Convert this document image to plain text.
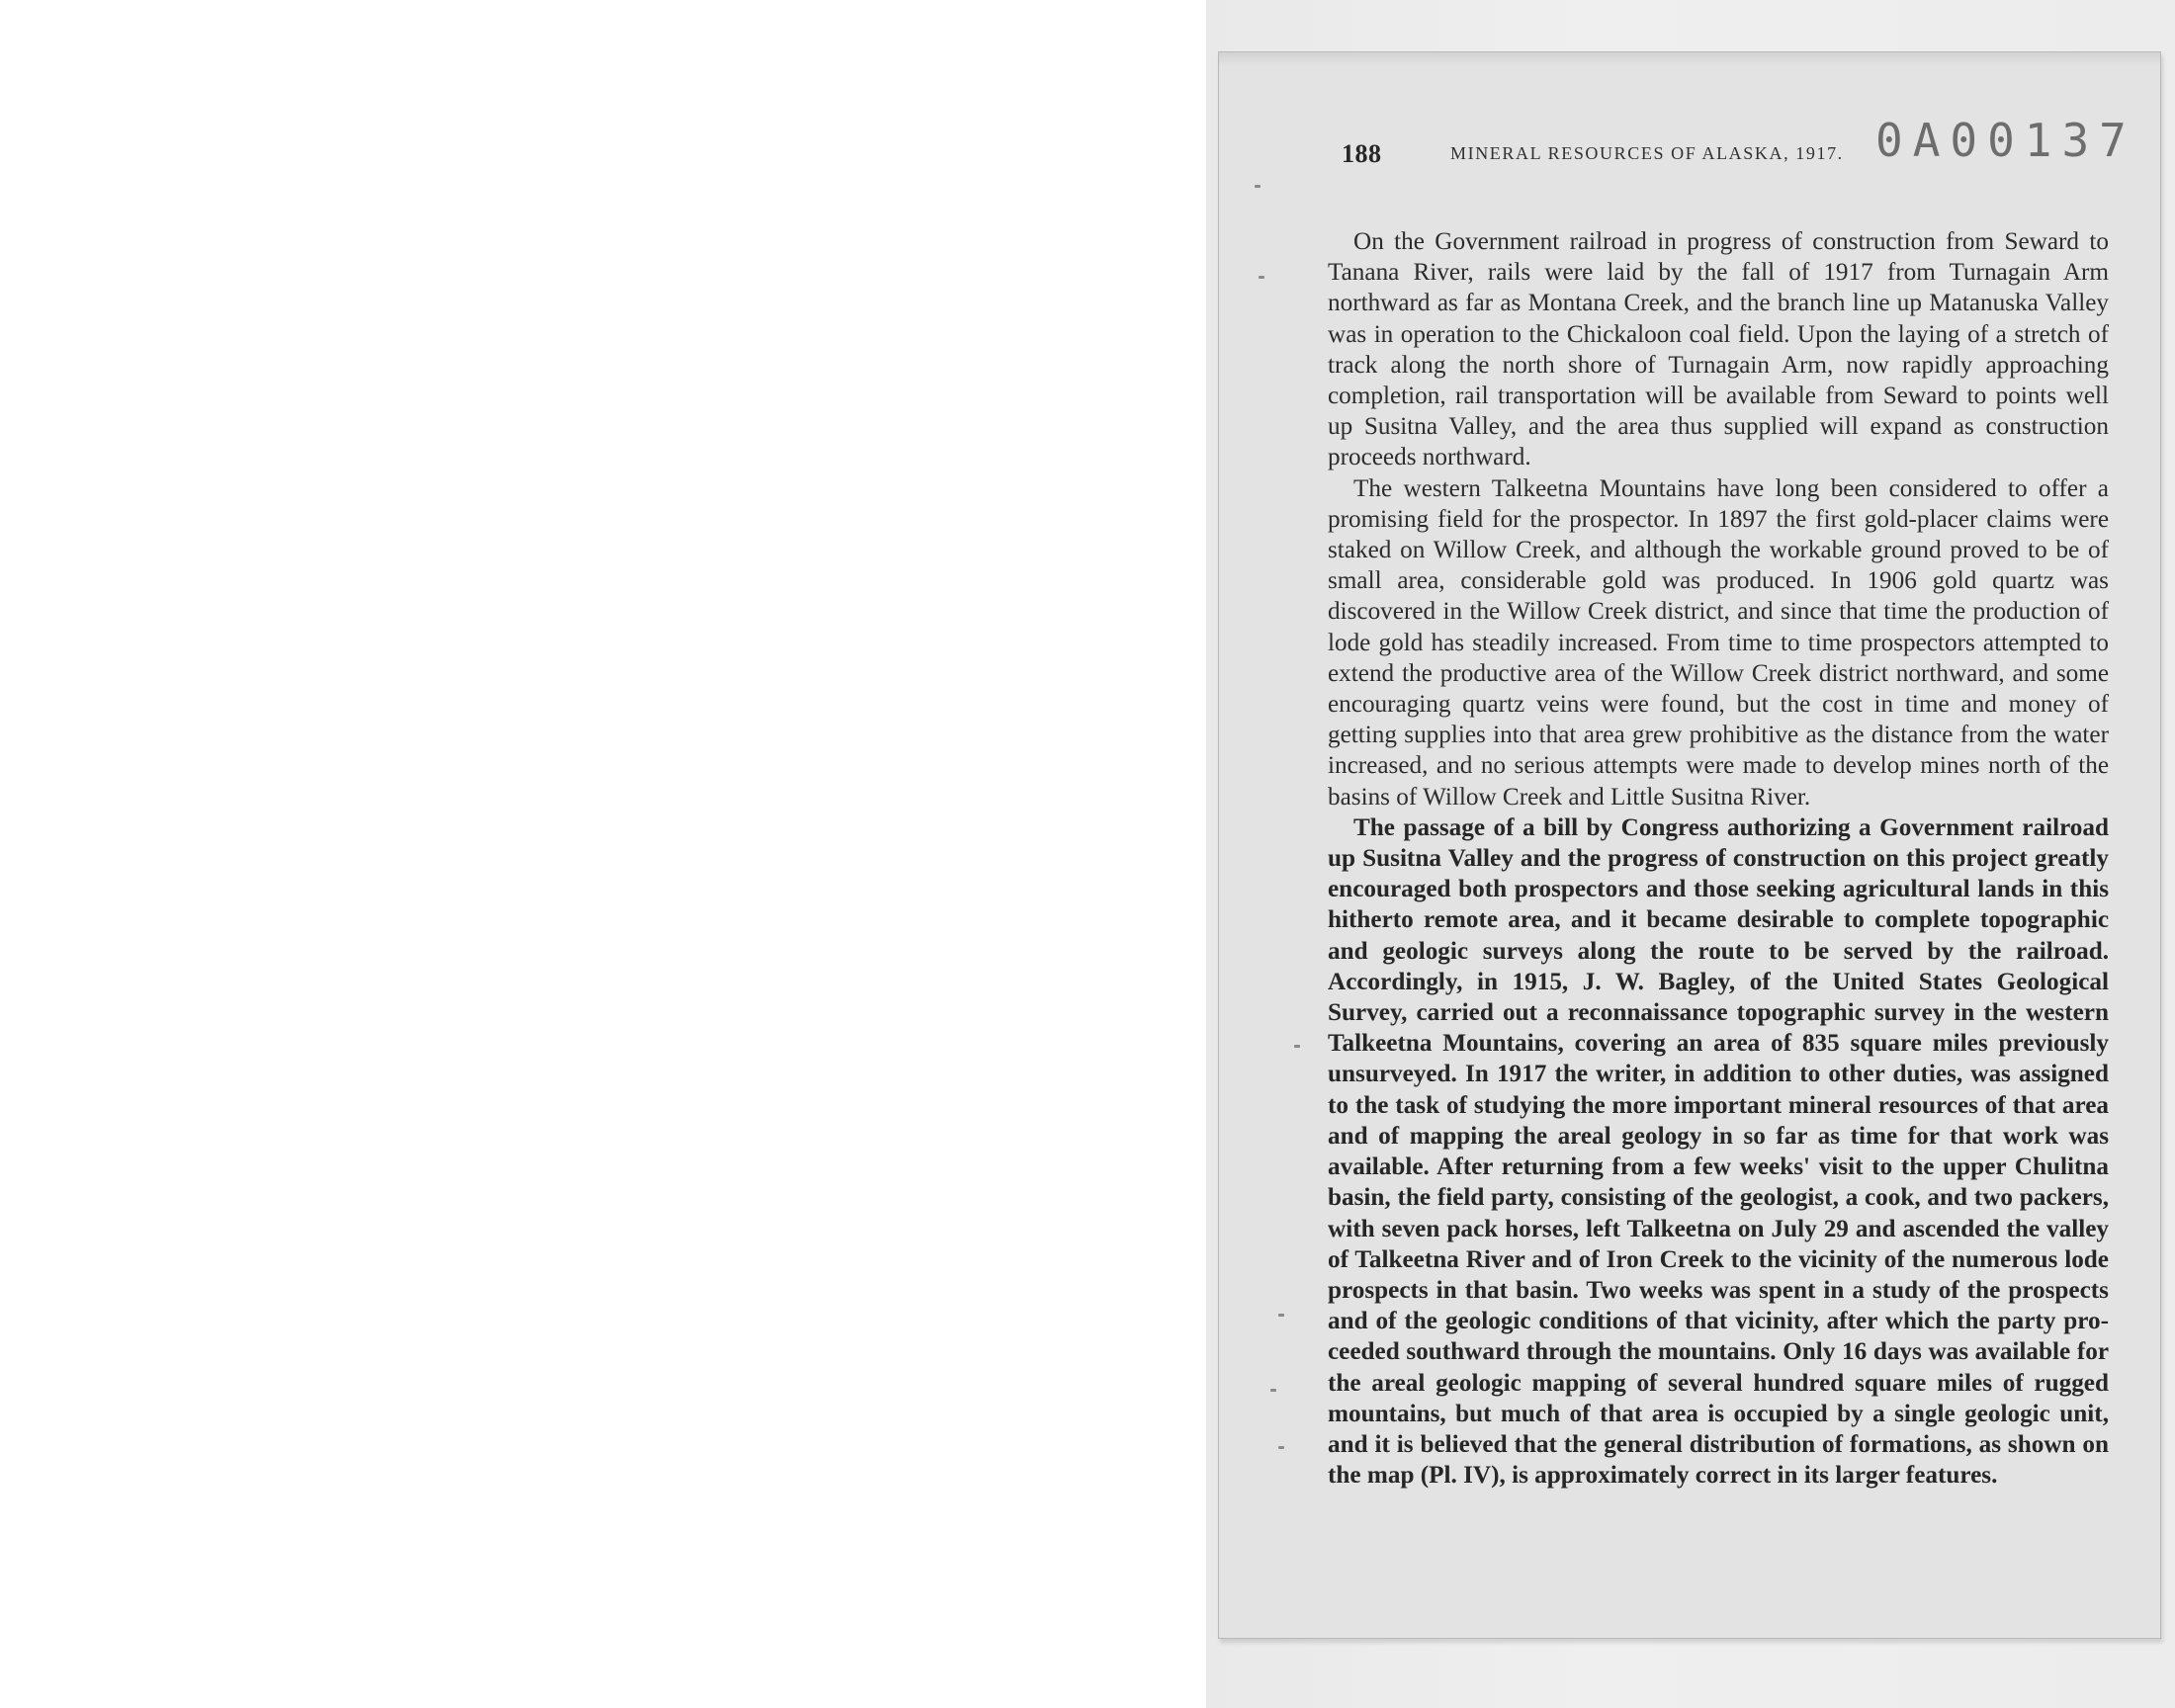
188	MINERAL RESOURCES OF ALASKA, 1917. 0A00137

On the Government railroad in progress of construction from Seward to Tanana River, rails were laid by the fall of 1917 from Turnagain Arm northward as far as Montana Creek, and the branch line up Matanuska Valley was in operation to the Chickaloon coal field. Upon the laying of a stretch of track along the north shore of Turnagain Arm, now rapidly approaching completion, rail transportation will be available from Seward to points well up Susitna Valley, and the area thus supplied will expand as construction proceeds northward.

The western Talkeetna Mountains have long been considered to offer a promising field for the prospector. In 1897 the first gold-placer claims were staked on Willow Creek, and although the workable ground proved to be of small area, considerable gold was produced. In 1906 gold quartz was discovered in the Willow Creek district, and since that time the production of lode gold has steadily increased. From time to time prospectors attempted to extend the productive area of the Willow Creek district northward, and some encouraging quartz veins were found, but the cost in time and money of getting supplies into that area grew prohibitive as the distance from the water increased, and no serious attempts were made to develop mines north of the basins of Willow Creek and Little Susitna River.

The passage of a bill by Congress authorizing a Government railroad up Susitna Valley and the progress of construction on this project greatly encouraged both prospectors and those seeking agricultural lands in this hitherto remote area, and it became desirable to complete topographic and geologic surveys along the route to be served by the railroad. Accordingly, in 1915, J. W. Bagley, of the United States Geological Survey, carried out a reconnaissance topographic survey in the western Talkeetna Mountains, covering an area of 835 square miles previously unsurveyed. In 1917 the writer, in addition to other duties, was assigned to the task of studying the more important mineral resources of that area and of mapping the areal geology in so far as time for that work was available. After returning from a few weeks' visit to the upper Chulitna basin, the field party, consisting of the geologist, a cook, and two packers, with seven pack horses, left Talkeetna on July 29 and ascended the valley of Talkeetna River and of Iron Creek to the vicinity of the numerous lode prospects in that basin. Two weeks was spent in a study of the prospects and of the geologic conditions of that vicinity, after which the party proceeded southward through the mountains. Only 16 days was available for the areal geologic mapping of several hundred square miles of rugged mountains, but much of that area is occupied by a single geologic unit, and it is believed that the general distribution of formations, as shown on the map (Pl. IV), is approximately correct in its larger features.
